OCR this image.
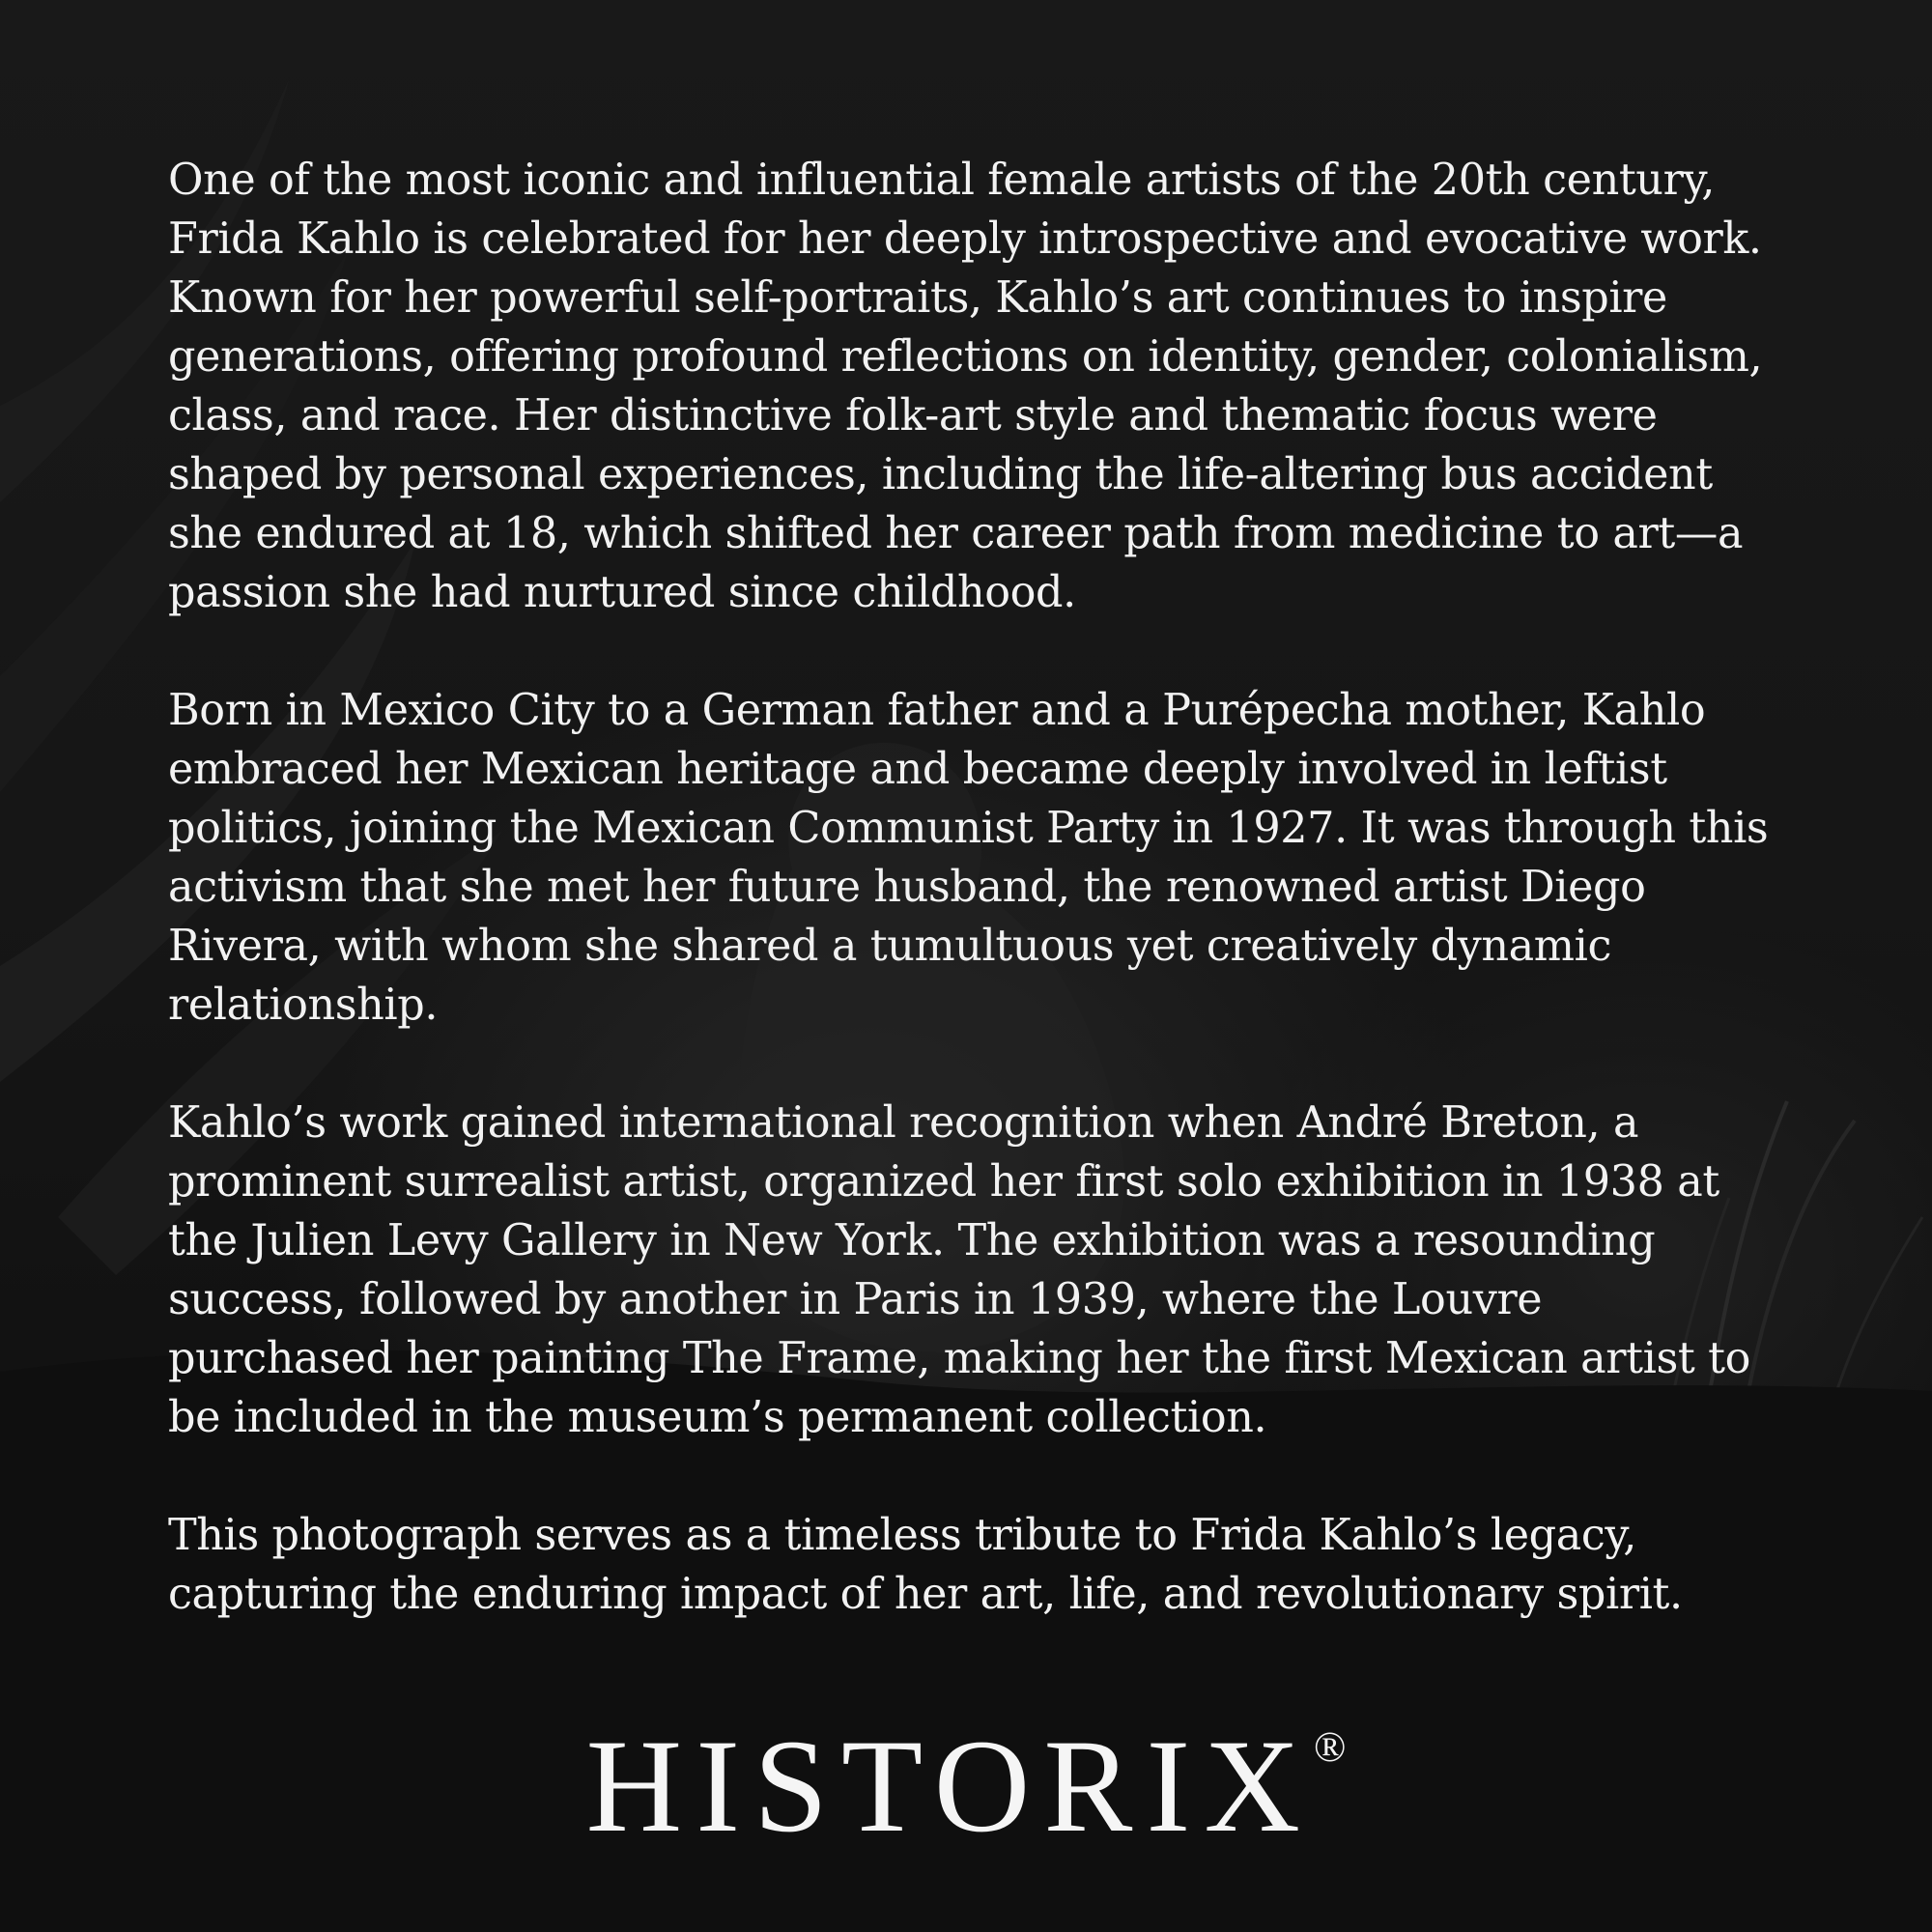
One of the most iconic and influential female artists of the 20th century, Frida Kahlo is celebrated for her deeply introspective and evocative work. Known for her powerful self-portraits, Kahlo’s art continues to inspire generations, offering profound reflections on identity, gender, colonialism, class, and race. Her distinctive folk-art style and thematic focus were shaped by personal experiences, including the life-altering bus accident she endured at 18, which shifted her career path from medicine to art—a passion she had nurtured since childhood.

Born in Mexico City to a German father and a Purépecha mother, Kahlo embraced her Mexican heritage and became deeply involved in leftist politics, joining the Mexican Communist Party in 1927. It was through this activism that she met her future husband, the renowned artist Diego Rivera, with whom she shared a tumultuous yet creatively dynamic relationship.

Kahlo’s work gained international recognition when André Breton, a prominent surrealist artist, organized her first solo exhibition in 1938 at the Julien Levy Gallery in New York. The exhibition was a resounding success, followed by another in Paris in 1939, where the Louvre purchased her painting The Frame, making her the first Mexican artist to be included in the museum’s permanent collection.

This photograph serves as a timeless tribute to Frida Kahlo’s legacy, capturing the enduring impact of her art, life, and revolutionary spirit.

HISTORIX®
